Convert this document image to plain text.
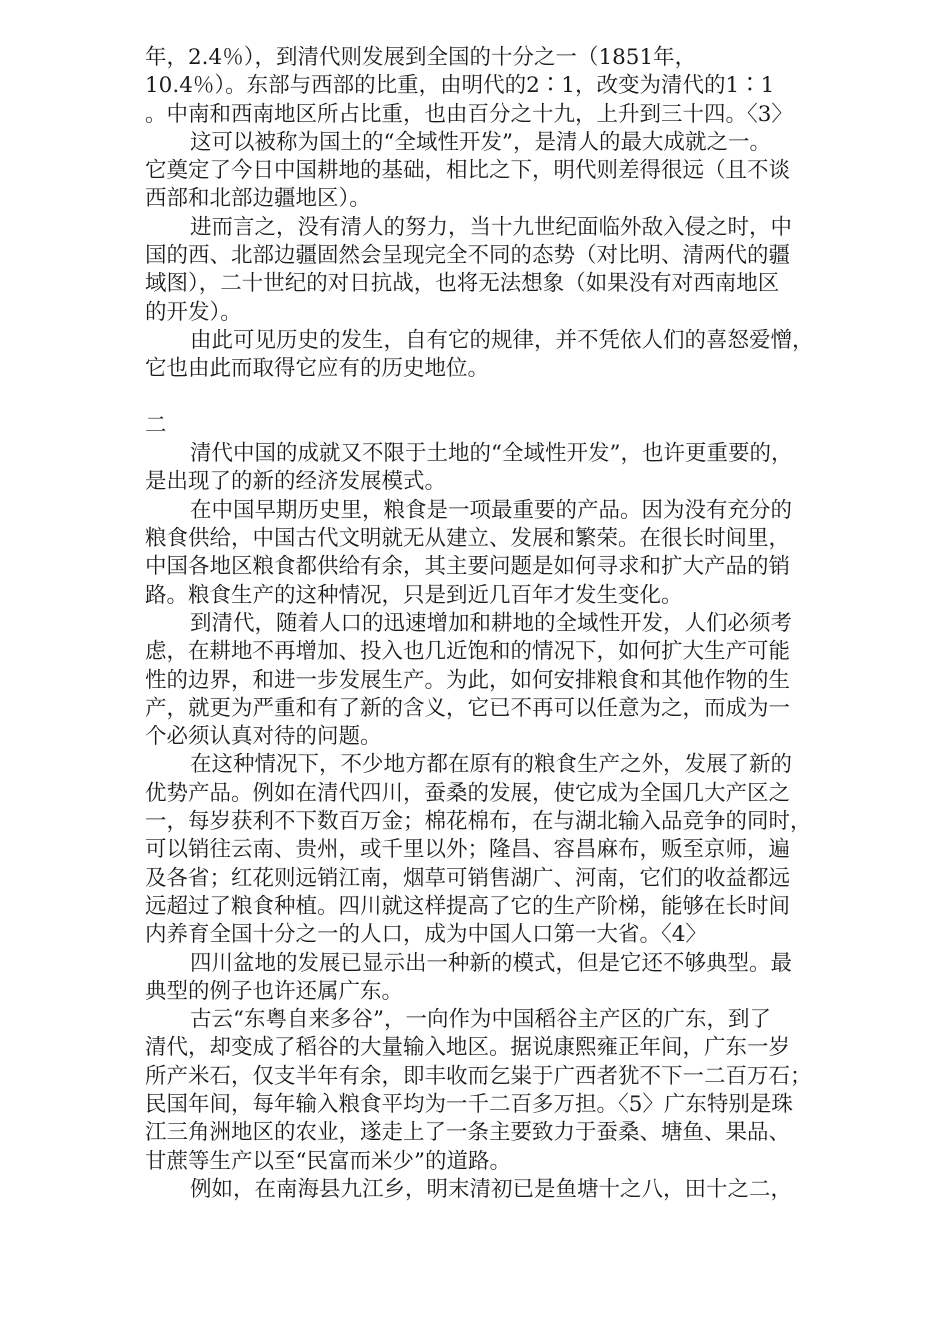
年，2.4％），到清代则发展到全国的十分之一（1851年，
10.4％）。东部与西部的比重，由明代的2∶1，改变为清代的1∶1
。中南和西南地区所占比重，也由百分之十九，上升到三十四。〈3〉
这可以被称为国土的“全域性开发”，是清人的最大成就之一。
它奠定了今日中国耕地的基础，相比之下，明代则差得很远（且不谈
西部和北部边疆地区）。
进而言之，没有清人的努力，当十九世纪面临外敌入侵之时，中
国的西、北部边疆固然会呈现完全不同的态势（对比明、清两代的疆
域图），二十世纪的对日抗战，也将无法想象（如果没有对西南地区
的开发）。
由此可见历史的发生，自有它的规律，并不凭依人们的喜怒爱憎，
它也由此而取得它应有的历史地位。
二
清代中国的成就又不限于土地的“全域性开发”，也许更重要的，
是出现了的新的经济发展模式。
在中国早期历史里，粮食是一项最重要的产品。因为没有充分的
粮食供给，中国古代文明就无从建立、发展和繁荣。在很长时间里，
中国各地区粮食都供给有余，其主要问题是如何寻求和扩大产品的销
路。粮食生产的这种情况，只是到近几百年才发生变化。
到清代，随着人口的迅速增加和耕地的全域性开发，人们必须考
虑，在耕地不再增加、投入也几近饱和的情况下，如何扩大生产可能
性的边界，和进一步发展生产。为此，如何安排粮食和其他作物的生
产，就更为严重和有了新的含义，它已不再可以任意为之，而成为一
个必须认真对待的问题。
在这种情况下，不少地方都在原有的粮食生产之外，发展了新的
优势产品。例如在清代四川，蚕桑的发展，使它成为全国几大产区之
一，每岁获利不下数百万金；棉花棉布，在与湖北输入品竞争的同时，
可以销往云南、贵州，或千里以外；隆昌、容昌麻布，贩至京师，遍
及各省；红花则远销江南，烟草可销售湖广、河南，它们的收益都远
远超过了粮食种植。四川就这样提高了它的生产阶梯，能够在长时间
内养育全国十分之一的人口，成为中国人口第一大省。〈4〉
四川盆地的发展已显示出一种新的模式，但是它还不够典型。最
典型的例子也许还属广东。
古云“东粤自来多谷”，一向作为中国稻谷主产区的广东，到了
清代，却变成了稻谷的大量输入地区。据说康熙雍正年间，广东一岁
所产米石，仅支半年有余，即丰收而乞粜于广西者犹不下一二百万石；
民国年间，每年输入粮食平均为一千二百多万担。〈5〉广东特别是珠
江三角洲地区的农业，遂走上了一条主要致力于蚕桑、塘鱼、果品、
甘蔗等生产以至“民富而米少”的道路。
例如，在南海县九江乡，明末清初已是鱼塘十之八，田十之二，
